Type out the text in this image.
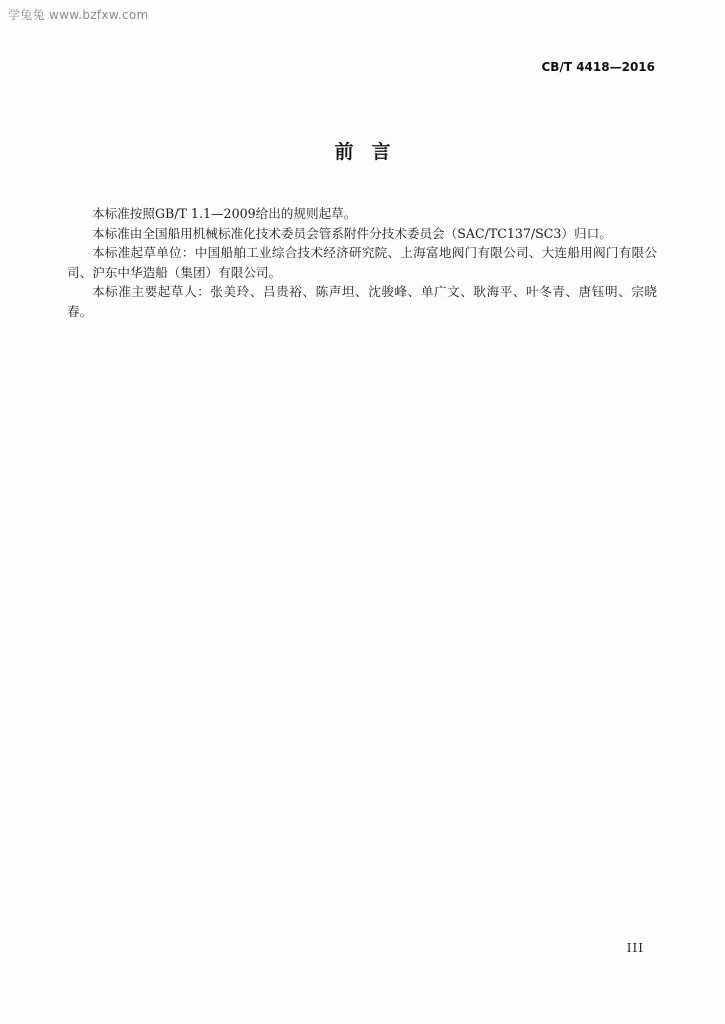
学兔兔 www.bzfxw.com
CB/T 4418—2016
前言

本标准按照GB/T 1.1—2009给出的规则起草。

本标准由全国船用机械标准化技术委员会管系附件分技术委员会（SAC/TC137/SC3）归口。

本标准起草单位：中国船舶工业综合技术经济研究院、上海富地阀门有限公司、大连船用阀门有限公司、沪东中华造船（集团）有限公司。

本标准主要起草人：张美玲、吕贵裕、陈声坦、沈骏峰、单广文、耿海平、叶冬青、唐钰明、宗晓春。

III
